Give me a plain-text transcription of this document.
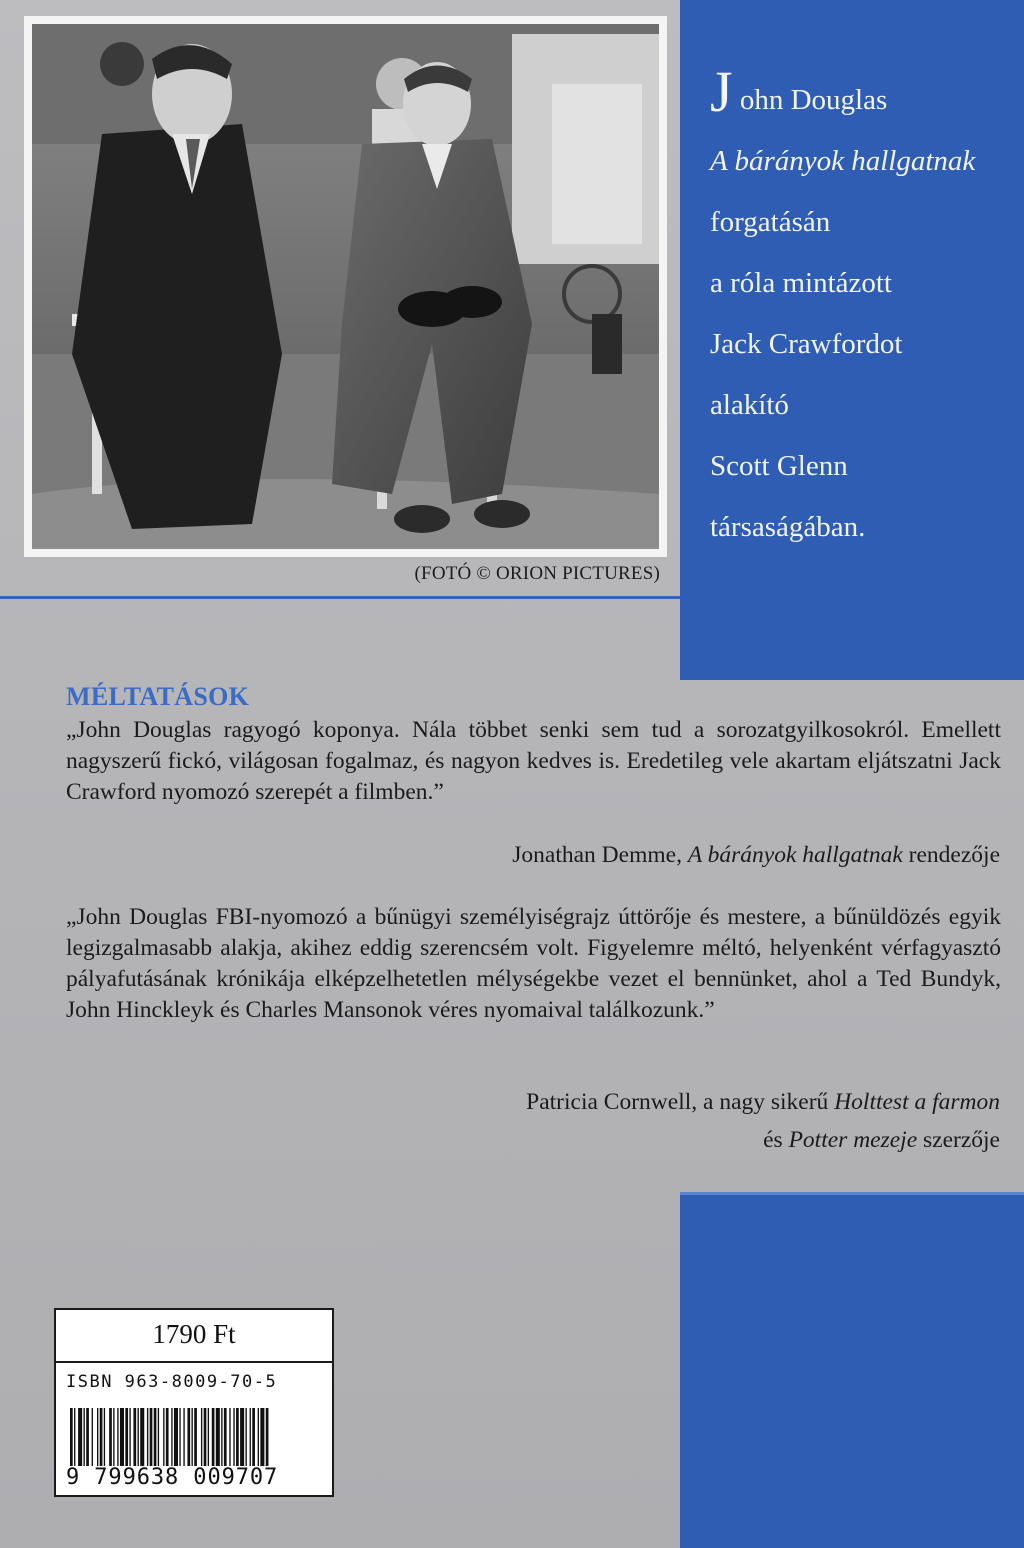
(FOTÓ © ORION PICTURES)
J ohn Douglas
A bárányok hallgatnak
forgatásán
a róla mintázott
Jack Crawfordot
alakító
Scott Glenn
társaságában.
MÉLTATÁSOK

„John Douglas ragyogó koponya. Nála többet senki sem tud a sorozatgyilkosokról. Emellett nagyszerű fickó, világosan fogalmaz, és nagyon kedves is. Eredetileg vele akartam eljátszatni Jack Crawford nyomozó szerepét a filmben.”

Jonathan Demme, A bárányok hallgatnak rendezője

„John Douglas FBI-nyomozó a bűnügyi személyiségrajz úttörője és mestere, a bűnüldözés egyik legizgalmasabb alakja, akihez eddig szerencsém volt. Figyelemre méltó, helyenként vérfagyasztó pályafutásának krónikája elképzelhetetlen mélységekbe vezet el bennünket, ahol a Ted Bundyk, John Hinckleyk és Charles Mansonok véres nyomaival találkozunk.”

Patricia Cornwell, a nagy sikerű Holttest a farmon
és Potter mezeje szerzője
1790 Ft
ISBN 963-8009-70-5
9 799638 009707
